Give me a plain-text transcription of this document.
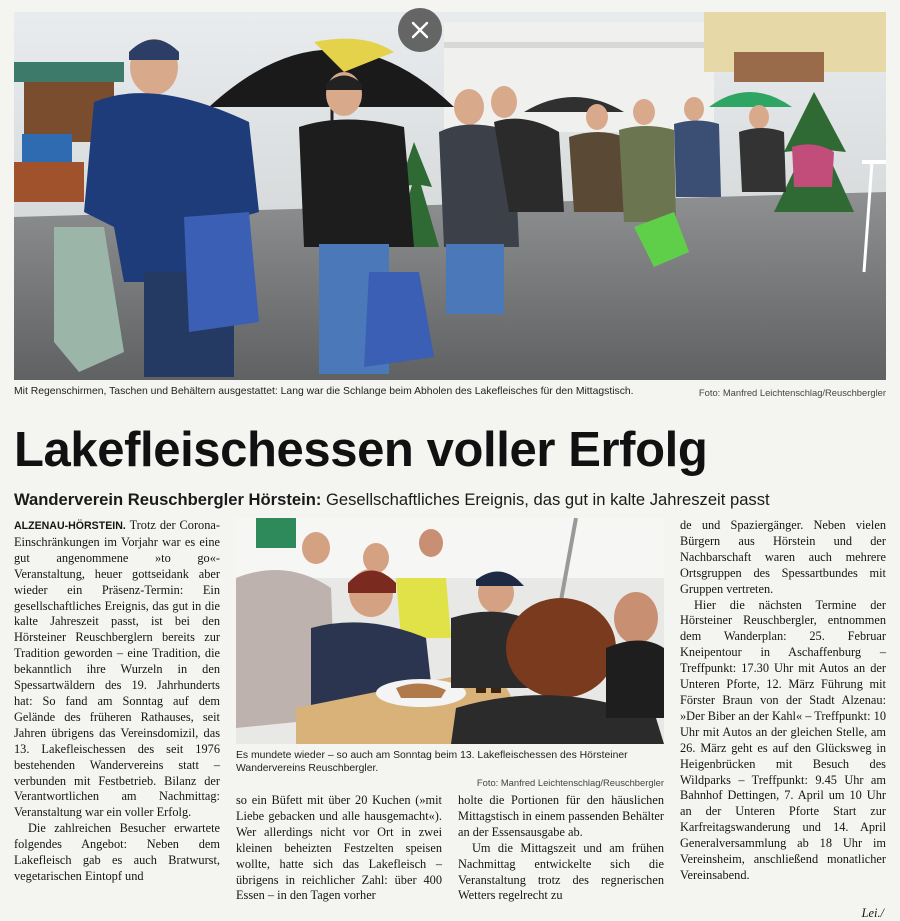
Mit Regenschirmen, Taschen und Behältern ausgestattet: Lang war die Schlange beim Abholen des Lakefleisches für den Mittagstisch.	Foto: Manfred Leichtenschlag/Reuschbergler
Lakefleischessen voller Erfolg
Wanderverein Reuschbergler Hörstein: Gesellschaftliches Ereignis, das gut in kalte Jahreszeit passt

ALZENAU-HÖRSTEIN. Trotz der Corona-Einschränkungen im Vorjahr war es eine gut angenommene »to go«-Veranstaltung, heuer gottseidank aber wieder ein Präsenz-Termin: Ein gesellschaftliches Ereignis, das gut in die kalte Jahreszeit passt, ist bei den Hörsteiner Reuschberglern bereits zur Tradition geworden – eine Tradition, die bekanntlich ihre Wurzeln in den Spessartwäldern des 19. Jahrhunderts hat: So fand am Sonntag auf dem Gelände des früheren Rathauses, seit Jahren übrigens das Vereinsdomizil, das 13. Lakefleischessen des seit 1976 bestehenden Wandervereins statt – verbunden mit Festbetrieb. Bilanz der Verantwortlichen am Nachmittag: Veranstaltung war ein voller Erfolg.

Die zahlreichen Besucher erwartete folgendes Angebot: Neben dem Lakefleisch gab es auch Bratwurst, vegetarischen Eintopf und

Es mundete wieder – so auch am Sonntag beim 13. Lakefleischessen des Hörsteiner Wandervereins Reuschbergler.
Foto: Manfred Leichtenschlag/Reuschbergler

so ein Büfett mit über 20 Kuchen (»mit Liebe gebacken und alle hausgemacht«). Wer allerdings nicht vor Ort in zwei kleinen beheizten Festzelten speisen wollte, hatte sich das Lakefleisch – übrigens in reichlicher Zahl: über 400 Essen – in den Tagen vorher

holte die Portionen für den häuslichen Mittagstisch in einem passenden Behälter an der Essensausgabe ab.

Um die Mittagszeit und am frühen Nachmittag entwickelte sich die Veranstaltung trotz des regnerischen Wetters regelrecht zu

de und Spaziergänger. Neben vielen Bürgern aus Hörstein und der Nachbarschaft waren auch mehrere Ortsgruppen des Spessartbundes mit Gruppen vertreten.

Hier die nächsten Termine der Hörsteiner Reuschbergler, entnommen dem Wanderplan: 25. Februar Kneipentour in Aschaffenburg – Treffpunkt: 17.30 Uhr mit Autos an der Unteren Pforte, 12. März Führung mit Förster Braun von der Stadt Alzenau: »Der Biber an der Kahl« – Treffpunkt: 10 Uhr mit Autos an der gleichen Stelle, am 26. März geht es auf den Glücksweg in Heigenbrücken mit Besuch des Wildparks – Treffpunkt: 9.45 Uhr am Bahnhof Dettingen, 7. April um 10 Uhr an der Unteren Pforte Start zur Karfreitagswanderung und 14. April Generalversammlung ab 18 Uhr im Vereinsheim, anschließend monatlicher Vereinsabend.

Lei./
